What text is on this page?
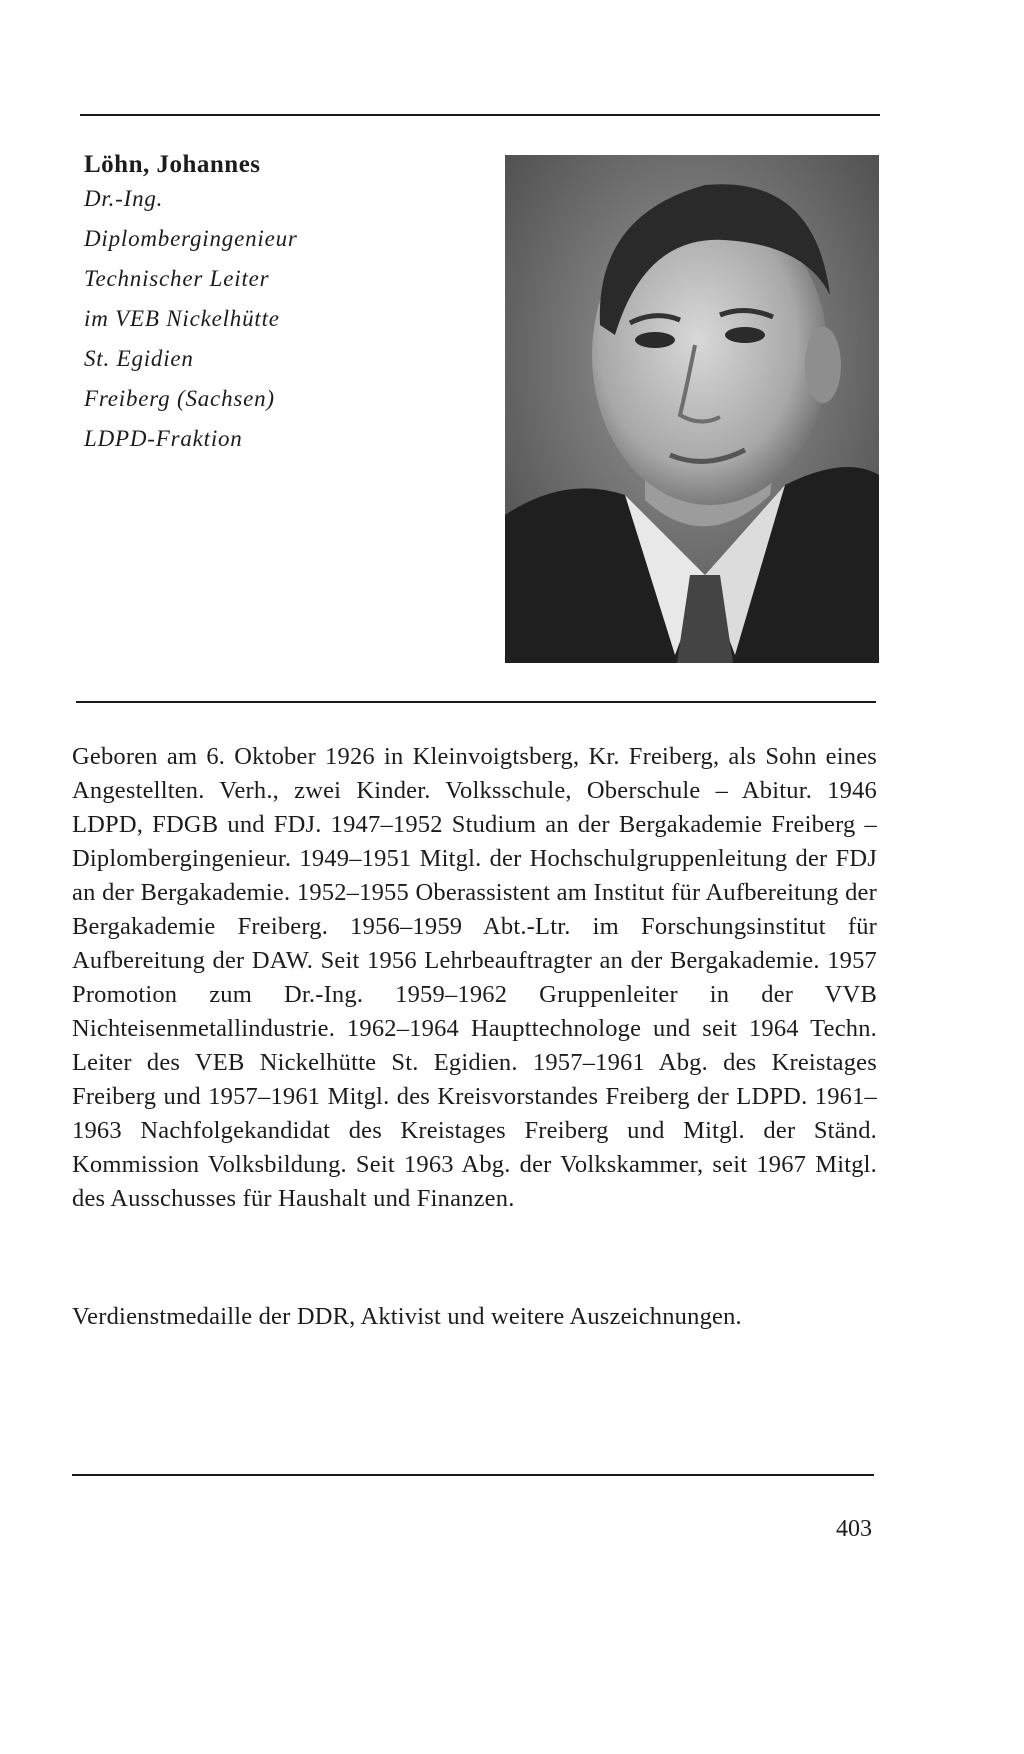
Löhn, Johannes

Dr.-Ing.

Diplombergingenieur

Technischer Leiter

im VEB Nickelhütte

St. Egidien

Freiberg (Sachsen)

LDPD-Fraktion

Geboren am 6. Oktober 1926 in Kleinvoigtsberg, Kr. Freiberg, als Sohn eines Angestellten. Verh., zwei Kinder. Volksschule, Oberschule – Abitur. 1946 LDPD, FDGB und FDJ. 1947–1952 Studium an der Bergakademie Freiberg – Diplombergingenieur. 1949–1951 Mitgl. der Hochschulgruppenleitung der FDJ an der Bergakademie. 1952–1955 Oberassistent am Institut für Aufbereitung der Bergakademie Freiberg. 1956–1959 Abt.-Ltr. im Forschungsinstitut für Aufbereitung der DAW. Seit 1956 Lehrbeauftragter an der Bergakademie. 1957 Promotion zum Dr.-Ing. 1959–1962 Gruppenleiter in der VVB Nichteisenmetallindustrie. 1962–1964 Haupttechnologe und seit 1964 Techn. Leiter des VEB Nickelhütte St. Egidien. 1957–1961 Abg. des Kreistages Freiberg und 1957–1961 Mitgl. des Kreisvorstandes Freiberg der LDPD. 1961–1963 Nachfolgekandidat des Kreistages Freiberg und Mitgl. der Ständ. Kommission Volksbildung. Seit 1963 Abg. der Volkskammer, seit 1967 Mitgl. des Ausschusses für Haushalt und Finanzen.

Verdienstmedaille der DDR, Aktivist und weitere Auszeichnungen.

403
